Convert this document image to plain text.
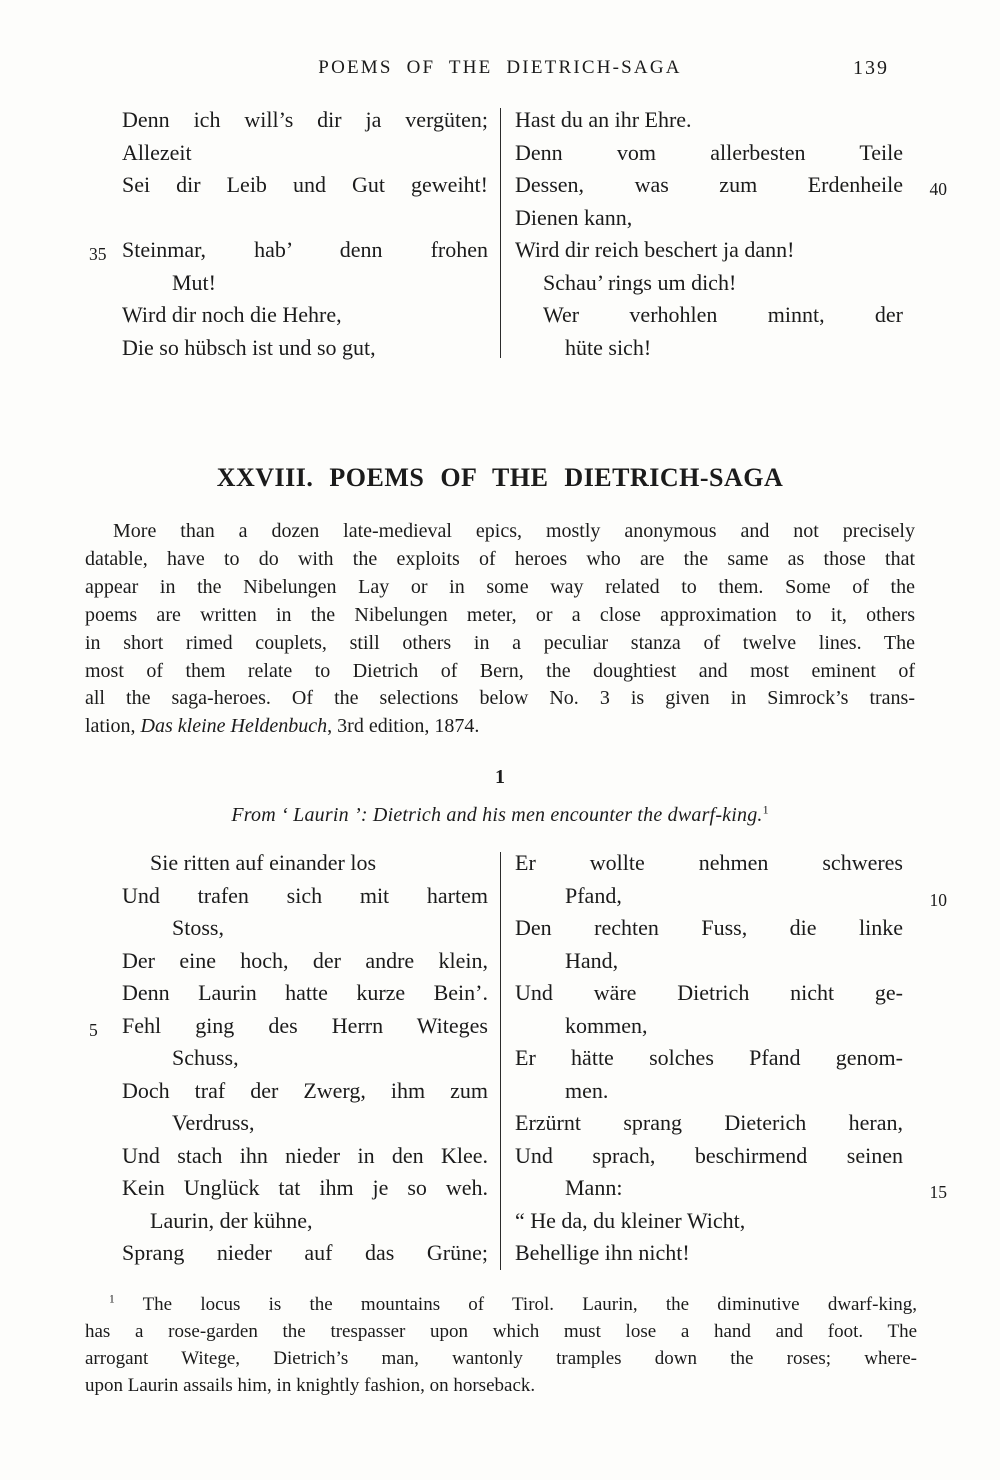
POEMS OF THE DIETRICH-SAGA	139
Denn ich will’s dir ja vergüten;
Allezeit
Sei dir Leib und Gut geweiht!
35 Steinmar, hab’ denn frohen
Mut!
Wird dir noch die Hehre,
Die so hübsch ist und so gut,
Hast du an ihr Ehre.
Denn vom allerbesten Teile
40
Dessen, was zum Erdenheile
Dienen kann,
Wird dir reich beschert ja dann!
Schau’ rings um dich!
Wer verhohlen minnt, der
hüte sich!
XXVIII. POEMS OF THE DIETRICH-SAGA
More than a dozen late-medieval epics, mostly anonymous and not precisely
datable, have to do with the exploits of heroes who are the same as those that
appear in the Nibelungen Lay or in some way related to them. Some of the
poems are written in the Nibelungen meter, or a close approximation to it, others
in short rimed couplets, still others in a peculiar stanza of twelve lines. The
most of them relate to Dietrich of Bern, the doughtiest and most eminent of
all the saga-heroes. Of the selections below No. 3 is given in Simrock’s trans-
lation, Das kleine Heldenbuch, 3rd edition, 1874.
1
From ‘ Laurin ’: Dietrich and his men encounter the dwarf-king.$^1$
Sie ritten auf einander los
Und trafen sich mit hartem
Stoss,
Der eine hoch, der andre klein,
Denn Laurin hatte kurze Bein’.
5 Fehl ging des Herrn Witeges
Schuss,
Doch traf der Zwerg, ihm zum
Verdruss,
Und stach ihn nieder in den Klee.
Kein Unglück tat ihm je so weh.
Laurin, der kühne,
Sprang nieder auf das Grüne;
Er wollte nehmen schweres
10
Pfand,
Den rechten Fuss, die linke
Hand,
Und wäre Dietrich nicht ge-
kommen,
Er hätte solches Pfand genom-
men.
Erzürnt sprang Dieterich heran,
Und sprach, beschirmend seinen
15
Mann:
“ He da, du kleiner Wicht,
Behellige ihn nicht!
$^1$ The locus is the mountains of Tirol. Laurin, the diminutive dwarf-king,
has a rose-garden the trespasser upon which must lose a hand and foot. The
arrogant Witege, Dietrich’s man, wantonly tramples down the roses; where-
upon Laurin assails him, in knightly fashion, on horseback.
